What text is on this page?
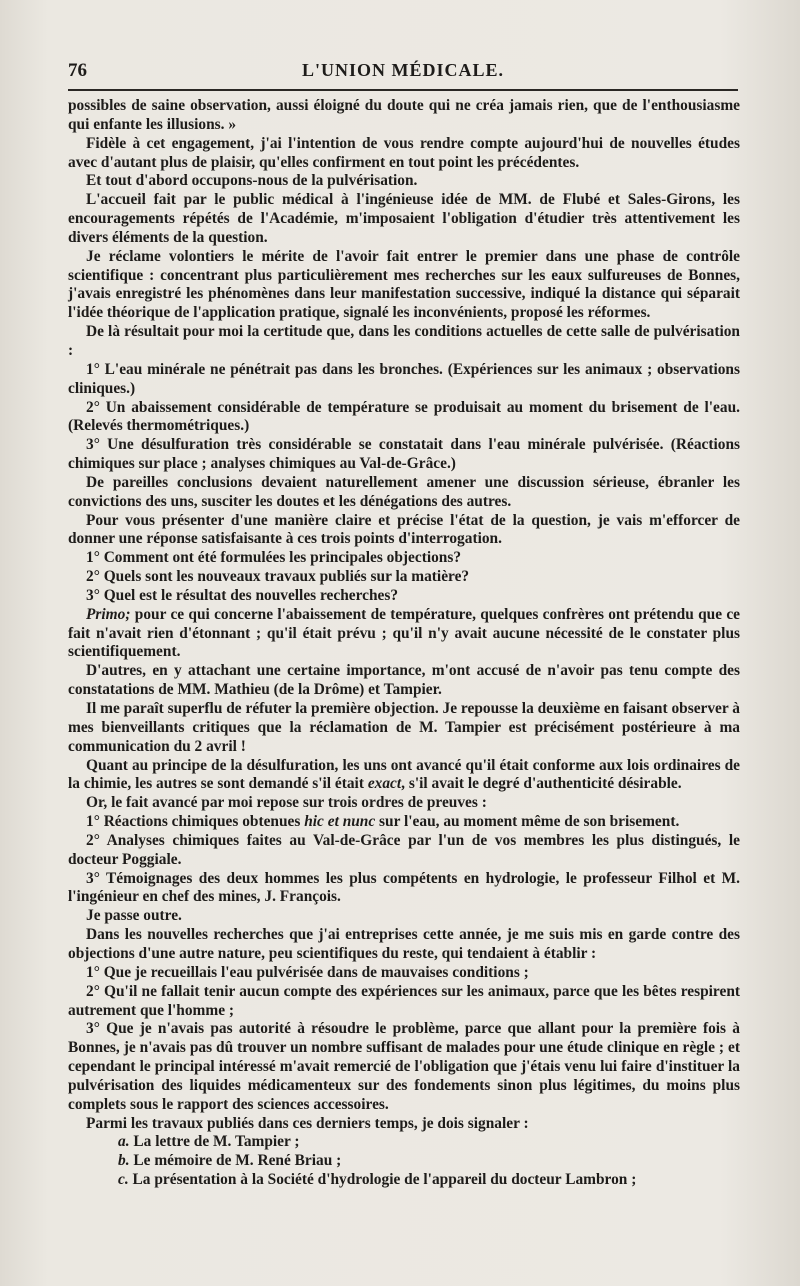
76	L'UNION MÉDICALE.

possibles de saine observation, aussi éloigné du doute qui ne créa jamais rien, que de l'enthousiasme qui enfante les illusions. »

Fidèle à cet engagement, j'ai l'intention de vous rendre compte aujourd'hui de nouvelles études avec d'autant plus de plaisir, qu'elles confirment en tout point les précédentes.

Et tout d'abord occupons-nous de la pulvérisation.

L'accueil fait par le public médical à l'ingénieuse idée de MM. de Flubé et Sales-Girons, les encouragements répétés de l'Académie, m'imposaient l'obligation d'étudier très attentivement les divers éléments de la question.

Je réclame volontiers le mérite de l'avoir fait entrer le premier dans une phase de contrôle scientifique : concentrant plus particulièrement mes recherches sur les eaux sulfureuses de Bonnes, j'avais enregistré les phénomènes dans leur manifestation successive, indiqué la distance qui séparait l'idée théorique de l'application pratique, signalé les inconvénients, proposé les réformes.

De là résultait pour moi la certitude que, dans les conditions actuelles de cette salle de pulvérisation :

1° L'eau minérale ne pénétrait pas dans les bronches. (Expériences sur les animaux ; observations cliniques.)

2° Un abaissement considérable de température se produisait au moment du brisement de l'eau. (Relevés thermométriques.)

3° Une désulfuration très considérable se constatait dans l'eau minérale pulvérisée. (Réactions chimiques sur place ; analyses chimiques au Val-de-Grâce.)

De pareilles conclusions devaient naturellement amener une discussion sérieuse, ébranler les convictions des uns, susciter les doutes et les dénégations des autres.

Pour vous présenter d'une manière claire et précise l'état de la question, je vais m'efforcer de donner une réponse satisfaisante à ces trois points d'interrogation.

1° Comment ont été formulées les principales objections?

2° Quels sont les nouveaux travaux publiés sur la matière?

3° Quel est le résultat des nouvelles recherches?

Primo; pour ce qui concerne l'abaissement de température, quelques confrères ont prétendu que ce fait n'avait rien d'étonnant ; qu'il était prévu ; qu'il n'y avait aucune nécessité de le constater plus scientifiquement.

D'autres, en y attachant une certaine importance, m'ont accusé de n'avoir pas tenu compte des constatations de MM. Mathieu (de la Drôme) et Tampier.

Il me paraît superflu de réfuter la première objection. Je repousse la deuxième en faisant observer à mes bienveillants critiques que la réclamation de M. Tampier est précisément postérieure à ma communication du 2 avril !

Quant au principe de la désulfuration, les uns ont avancé qu'il était conforme aux lois ordinaires de la chimie, les autres se sont demandé s'il était exact, s'il avait le degré d'authenticité désirable.

Or, le fait avancé par moi repose sur trois ordres de preuves :

1° Réactions chimiques obtenues hic et nunc sur l'eau, au moment même de son brisement.

2° Analyses chimiques faites au Val-de-Grâce par l'un de vos membres les plus distingués, le docteur Poggiale.

3° Témoignages des deux hommes les plus compétents en hydrologie, le professeur Filhol et M. l'ingénieur en chef des mines, J. François.

Je passe outre.

Dans les nouvelles recherches que j'ai entreprises cette année, je me suis mis en garde contre des objections d'une autre nature, peu scientifiques du reste, qui tendaient à établir :

1° Que je recueillais l'eau pulvérisée dans de mauvaises conditions ;

2° Qu'il ne fallait tenir aucun compte des expériences sur les animaux, parce que les bêtes respirent autrement que l'homme ;

3° Que je n'avais pas autorité à résoudre le problème, parce que allant pour la première fois à Bonnes, je n'avais pas dû trouver un nombre suffisant de malades pour une étude clinique en règle ; et cependant le principal intéressé m'avait remercié de l'obligation que j'étais venu lui faire d'instituer la pulvérisation des liquides médicamenteux sur des fondements sinon plus légitimes, du moins plus complets sous le rapport des sciences accessoires.

Parmi les travaux publiés dans ces derniers temps, je dois signaler :

a. La lettre de M. Tampier ;

b. Le mémoire de M. René Briau ;

c. La présentation à la Société d'hydrologie de l'appareil du docteur Lambron ;
